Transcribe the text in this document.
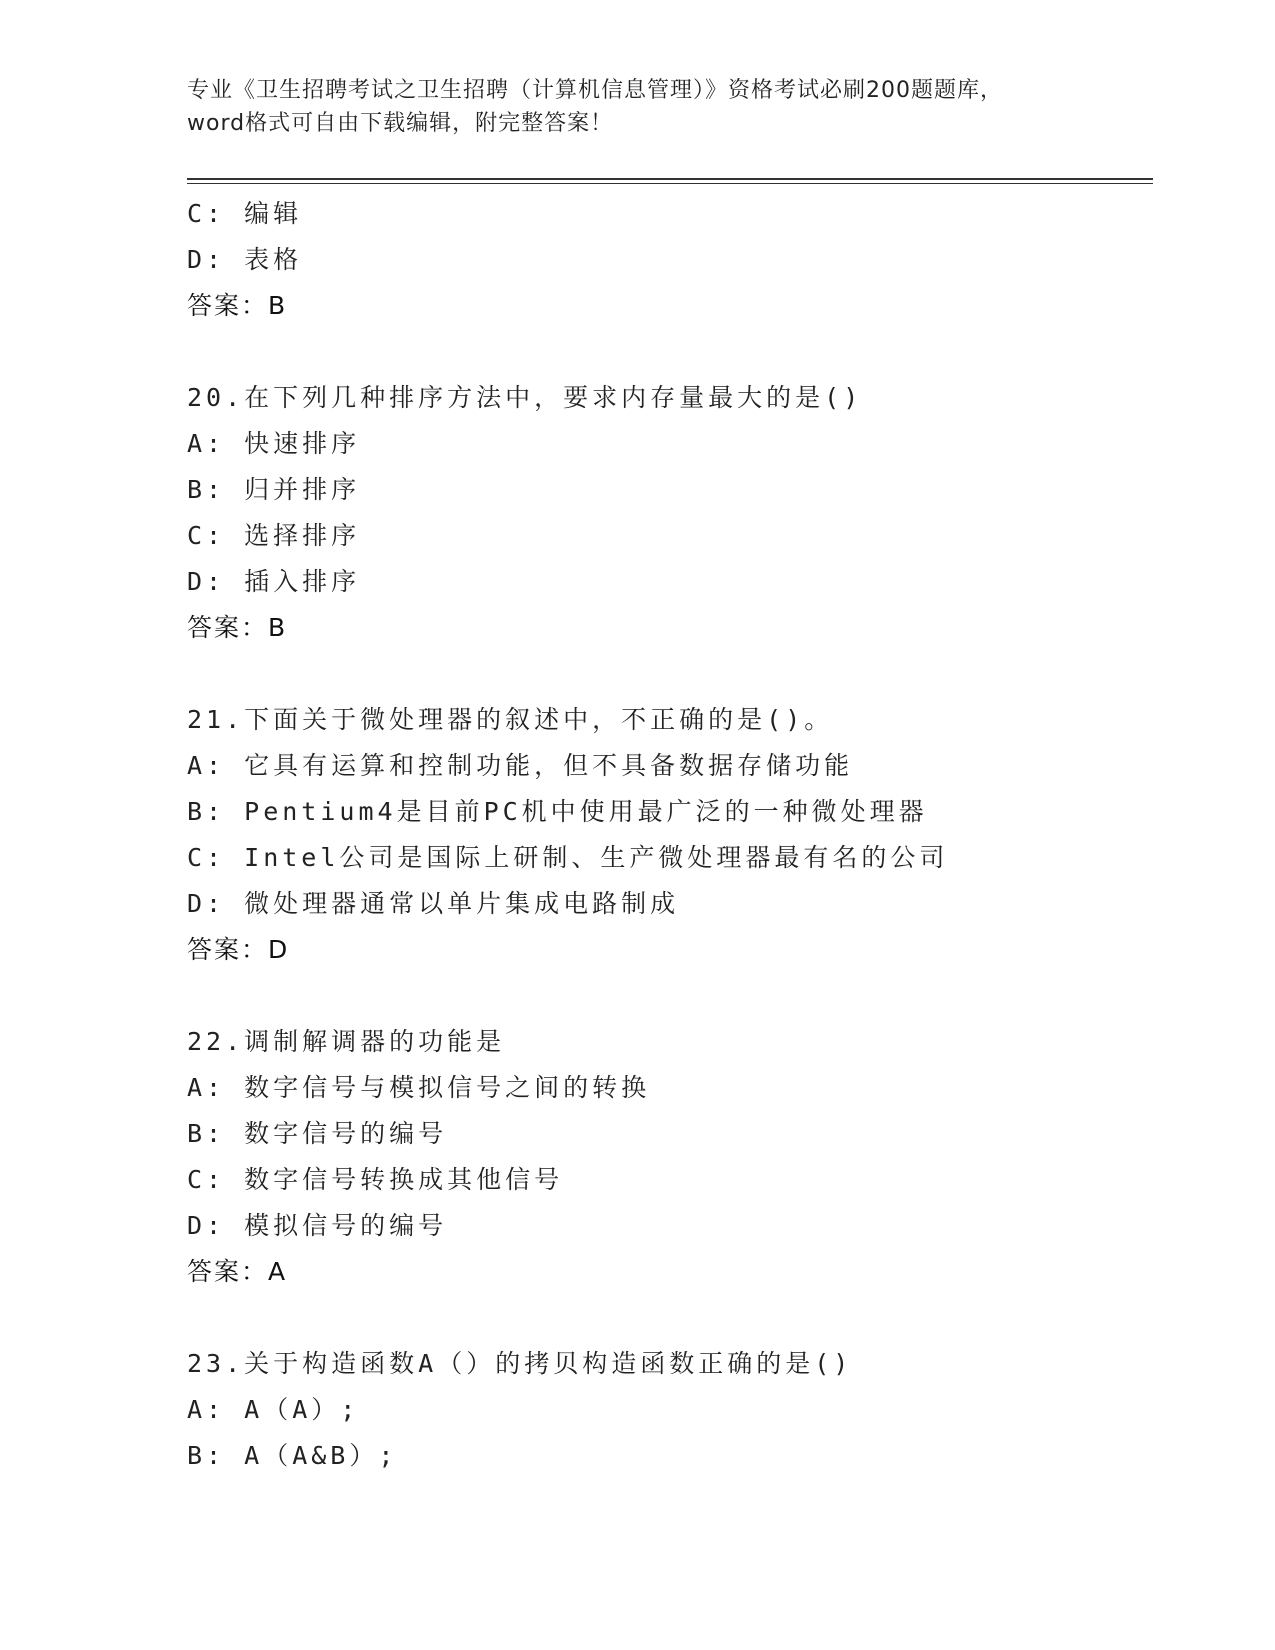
专业《卫生招聘考试之卫生招聘（计算机信息管理）》资格考试必刷200题题库，
word格式可自由下载编辑，附完整答案！
C: 编辑
D: 表格
答案：B
20.在下列几种排序方法中，要求内存量最大的是()
A: 快速排序
B: 归并排序
C: 选择排序
D: 插入排序
答案：B
21.下面关于微处理器的叙述中，不正确的是()。
A: 它具有运算和控制功能，但不具备数据存储功能
B: Pentium4是目前PC机中使用最广泛的一种微处理器
C: Intel公司是国际上研制、生产微处理器最有名的公司
D: 微处理器通常以单片集成电路制成
答案：D
22.调制解调器的功能是
A: 数字信号与模拟信号之间的转换
B: 数字信号的编号
C: 数字信号转换成其他信号
D: 模拟信号的编号
答案：A
23.关于构造函数A（）的拷贝构造函数正确的是()
A: A（A）;
B: A（A&B）;
